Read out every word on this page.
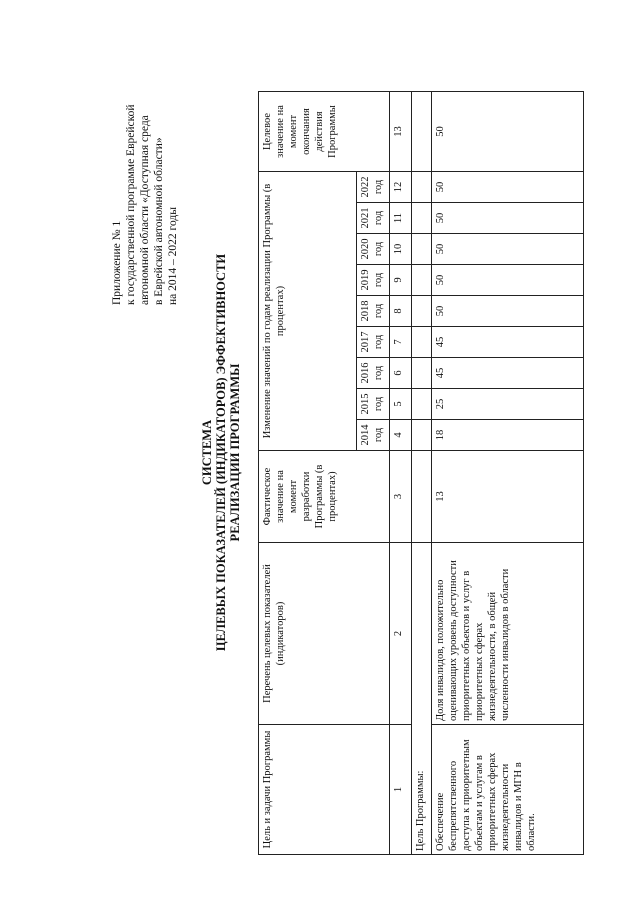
Приложение № 1 к государственной программе Еврейской автономной области «Доступная среда в Еврейской автономной области» на 2014 – 2022 годы
СИСТЕМА ЦЕЛЕВЫХ ПОКАЗАТЕЛЕЙ (ИНДИКАТОРОВ) ЭФФЕКТИВНОСТИ РЕАЛИЗАЦИИ ПРОГРАММЫ
Цель и задачи Программы	Перечень целевых показателей (индикаторов)	Фактическое значение на момент разработки Программы (в процентах)	Изменение значений по годам реализации Программы (в процентах)									Целевое значение на момент окончания действия Программы
			2014 год	2015 год	2016 год	2017 год	2018 год	2019 год	2020 год	2021 год	2022 год	
1	2	3	4	5	6	7	8	9	10	11	12	13
Цель Программы:												
Обеспечение беспрепятственного доступа к приоритетным объектам и услугам в приоритетных сферах жизнедеятельности инвалидов и МГН в области.	Доля инвалидов, положительно оценивающих уровень доступности приоритетных объектов и услуг в приоритетных сферах жизнедеятельности, в общей численности инвалидов в области	13	18	25	45	45	50	50	50	50	50	50
